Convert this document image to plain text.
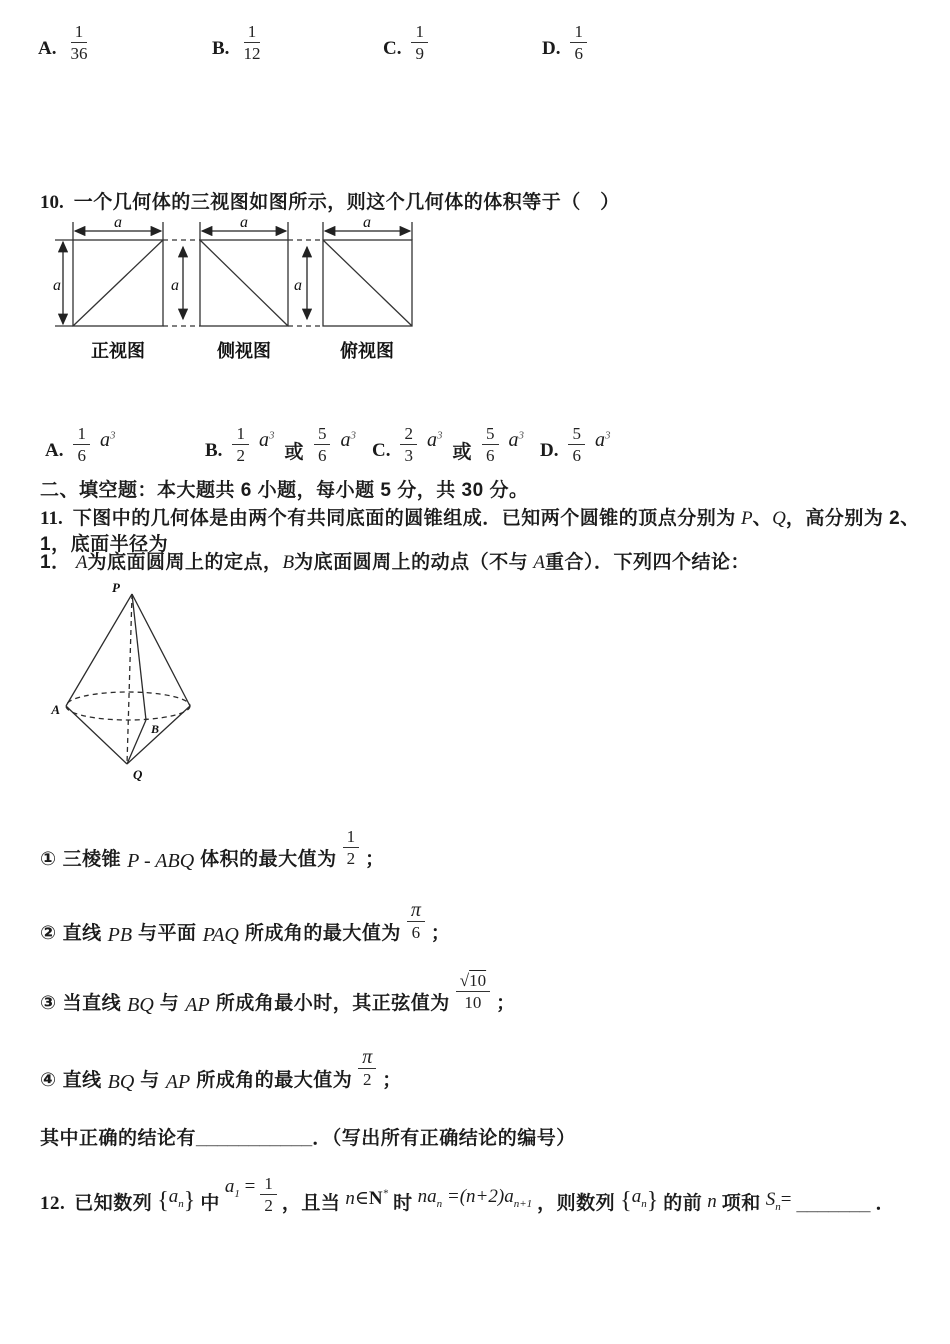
A. $\frac{1}{36}$	B. $\frac{1}{12}$	C. $\frac{1}{9}$	D. $\frac{1}{6}$
10. 一个几何体的三视图如图所示，则这个几何体的体积等于（　）
a	a	a
a	a	a
正视图	侧视图	俯视图
A. $\frac{1}{6} a^3$
B. $\frac{1}{2} a^3$
或 $\frac{5}{6} a^3$
C. $\frac{2}{3} a^3$
或 $\frac{5}{6} a^3$
D. $\frac{5}{6} a^3$
二、填空题：本大题共 6 小题，每小题 5 分，共 30 分。
11. 下图中的几何体是由两个有共同底面的圆锥组成．已知两个圆锥的顶点分别为 P、Q，高分别为 2、1，底面半径为
1． A为底面圆周上的定点，B为底面圆周上的动点（不与 A重合）．下列四个结论：
P
A
B
Q
① 三棱锥 P - ABQ 体积的最大值为 $\frac{1}{2}$ ；
② 直线 PB 与平面 PAQ 所成角的最大值为 $\frac{\pi}{6}$ ；
③ 当直线 BQ 与 AP 所成角最小时，其正弦值为 $\frac{√10}{10}$ ；
④ 直线 BQ 与 AP 所成角的最大值为 $\frac{\pi}{2}$ ；
其中正确的结论有___________．（写出所有正确结论的编号）
12. 已知数列 { $a_n$ } 中
$a_1 = \frac{1}{2}$ ，且当 n∈N* 时 $na_n =(n+2)a_{n+1}$ ，则数列 { $a_n$ } 的前 n 项和 $S_n=$ _______ ．
